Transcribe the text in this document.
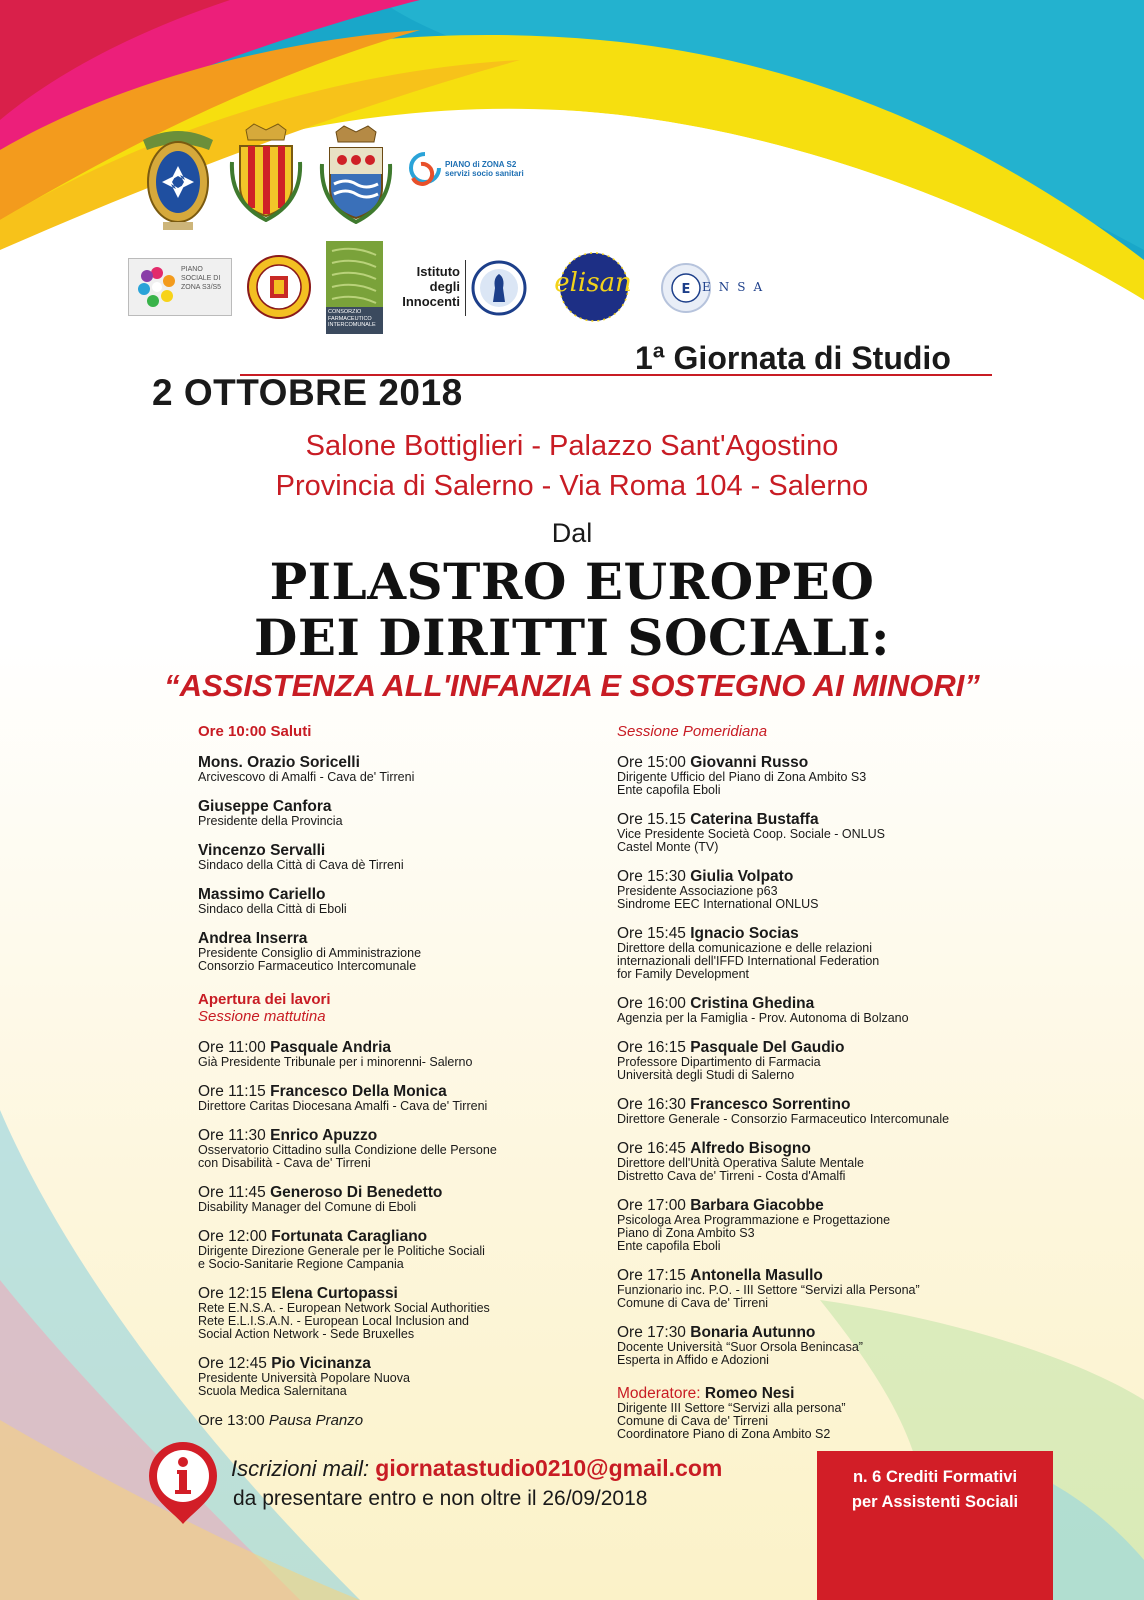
PIANO di ZONA S2 servizi socio sanitari
PIANO SOCIALE DI ZONA S3/S5
CONSORZIO FARMACEUTICO INTERCOMUNALE
Istituto degli Innocenti
elisan	E ENSA
1ª Giornata di Studio
2 OTTOBRE 2018
Salone Bottiglieri - Palazzo Sant'Agostino
Provincia di Salerno - Via Roma 104 - Salerno
Dal
PILASTRO EUROPEO
DEI DIRITTI SOCIALI:
“ASSISTENZA ALL'INFANZIA E SOSTEGNO AI MINORI”
Ore 10:00 Saluti
Mons. Orazio Soricelli
Arcivescovo di Amalfi - Cava de' Tirreni
Giuseppe Canfora
Presidente della Provincia
Vincenzo Servalli
Sindaco della Città di Cava dè Tirreni
Massimo Cariello
Sindaco della Città di Eboli
Andrea Inserra
Presidente Consiglio di Amministrazione
Consorzio Farmaceutico Intercomunale
Apertura dei lavori
Sessione mattutina
Ore 11:00 Pasquale Andria
Già Presidente Tribunale per i minorenni- Salerno
Ore 11:15 Francesco Della Monica
Direttore Caritas Diocesana Amalfi - Cava de' Tirreni
Ore 11:30 Enrico Apuzzo
Osservatorio Cittadino sulla Condizione delle Persone
con Disabilità - Cava de' Tirreni
Ore 11:45 Generoso Di Benedetto
Disability Manager del Comune di Eboli
Ore 12:00 Fortunata Caragliano
Dirigente Direzione Generale per le Politiche Sociali
e Socio-Sanitarie Regione Campania
Ore 12:15 Elena Curtopassi
Rete E.N.S.A. - European Network Social Authorities
Rete E.L.I.S.A.N. - European Local Inclusion and
Social Action Network - Sede Bruxelles
Ore 12:45 Pio Vicinanza
Presidente Università Popolare Nuova
Scuola Medica Salernitana
Ore 13:00 Pausa Pranzo
Sessione Pomeridiana
Ore 15:00 Giovanni Russo
Dirigente Ufficio del Piano di Zona Ambito S3
Ente capofila Eboli
Ore 15.15 Caterina Bustaffa
Vice Presidente Società Coop. Sociale - ONLUS
Castel Monte (TV)
Ore 15:30 Giulia Volpato
Presidente Associazione p63
Sindrome EEC International ONLUS
Ore 15:45 Ignacio Socias
Direttore della comunicazione e delle relazioni
internazionali dell'IFFD International Federation
for Family Development
Ore 16:00 Cristina Ghedina
Agenzia per la Famiglia - Prov. Autonoma di Bolzano
Ore 16:15 Pasquale Del Gaudio
Professore Dipartimento di Farmacia
Università degli Studi di Salerno
Ore 16:30 Francesco Sorrentino
Direttore Generale - Consorzio Farmaceutico Intercomunale
Ore 16:45 Alfredo Bisogno
Direttore dell'Unità Operativa Salute Mentale
Distretto Cava de' Tirreni - Costa d'Amalfi
Ore 17:00 Barbara Giacobbe
Psicologa Area Programmazione e Progettazione
Piano di Zona Ambito S3
Ente capofila Eboli
Ore 17:15 Antonella Masullo
Funzionario inc. P.O. - III Settore “Servizi alla Persona”
Comune di Cava de' Tirreni
Ore 17:30 Bonaria Autunno
Docente Università “Suor Orsola Benincasa”
Esperta in Affido e Adozioni
Moderatore: Romeo Nesi
Dirigente III Settore “Servizi alla persona”
Comune di Cava de' Tirreni
Coordinatore Piano di Zona Ambito S2
Iscrizioni mail: giornatastudio0210@gmail.com
da presentare entro e non oltre il 26/09/2018
n. 6 Crediti Formativi
per Assistenti Sociali
